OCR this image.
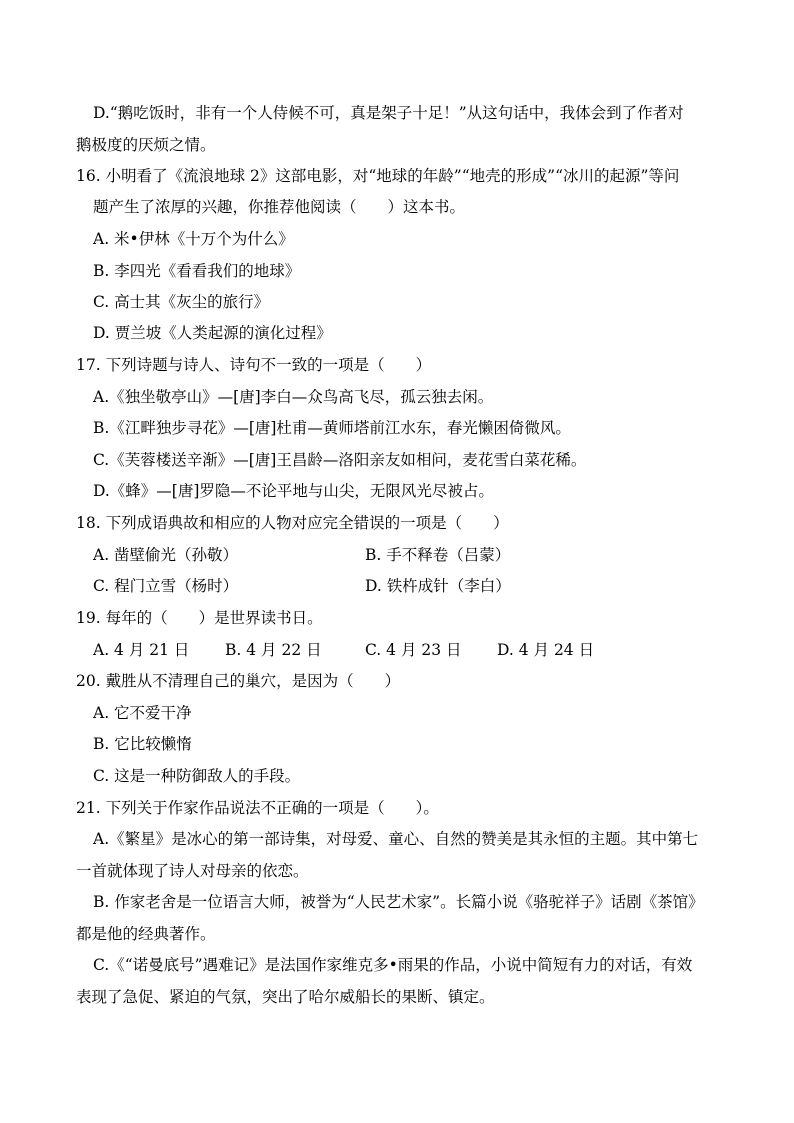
D.“鹅吃饭时，非有一个人侍候不可，真是架子十足！”从这句话中，我体会到了作者对
鹅极度的厌烦之情。
16. 小明看了《流浪地球 2》这部电影，对“地球的年龄”“地壳的形成”“冰川的起源”等问
题产生了浓厚的兴趣，你推荐他阅读（　　）这本书。
A. 米•伊林《十万个为什么》
B. 李四光《看看我们的地球》
C. 高士其《灰尘的旅行》
D. 贾兰坡《人类起源的演化过程》
17. 下列诗题与诗人、诗句不一致的一项是（　　）
A.《独坐敬亭山》—[唐]李白—众鸟高飞尽，孤云独去闲。
B.《江畔独步寻花》—[唐]杜甫—黄师塔前江水东，春光懒困倚微风。
C.《芙蓉楼送辛渐》—[唐]王昌龄—洛阳亲友如相问，麦花雪白菜花稀。
D.《蜂》—[唐]罗隐—不论平地与山尖，无限风光尽被占。
18. 下列成语典故和相应的人物对应完全错误的一项是（　　）
A. 凿壁偷光（孙敬）	B. 手不释卷（吕蒙）
C. 程门立雪（杨时）	D. 铁杵成针（李白）
19. 每年的（　　）是世界读书日。
A. 4 月 21 日 B. 4 月 22 日	C. 4 月 23 日 D. 4 月 24 日
20. 戴胜从不清理自己的巢穴，是因为（　　）
A. 它不爱干净
B. 它比较懒惰
C. 这是一种防御敌人的手段。
21. 下列关于作家作品说法不正确的一项是（　　）。
A.《繁星》是冰心的第一部诗集，对母爱、童心、自然的赞美是其永恒的主题。其中第七
一首就体现了诗人对母亲的依恋。
B. 作家老舍是一位语言大师，被誉为“人民艺术家”。长篇小说《骆驼祥子》话剧《茶馆》
都是他的经典著作。
C.《“诺曼底号”遇难记》是法国作家维克多•雨果的作品，小说中简短有力的对话，有效
表现了急促、紧迫的气氛，突出了哈尔威船长的果断、镇定。
